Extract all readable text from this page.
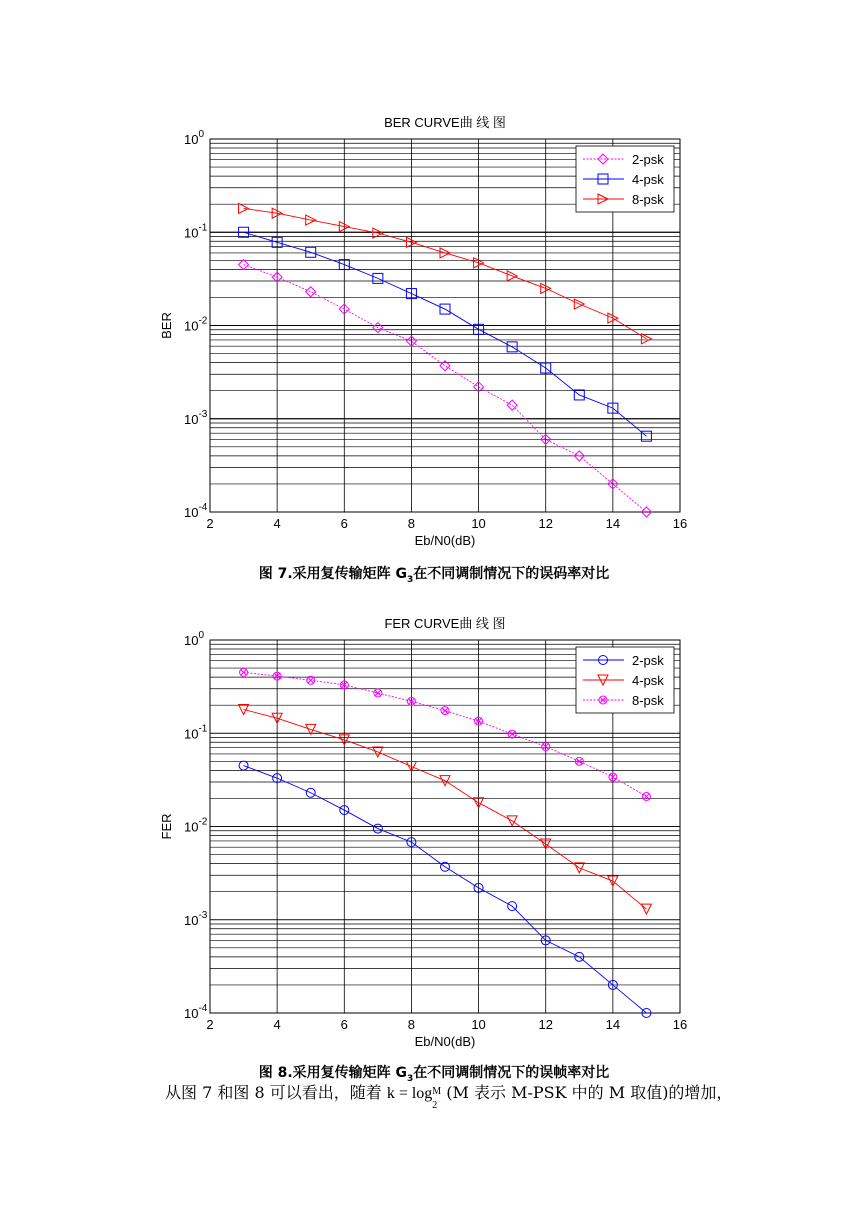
BER CURVE曲 线 图
2	4	6	8	10	12	14	16
$10^0$
$10^{-1}$
$10^{-2}$
$10^{-3}$
$10^{-4}$
Eb/N0(dB)
BER
2-psk
4-psk
8-psk
图 7.采用复传输矩阵 $G_3$在不同调制情况下的误码率对比
FER CURVE曲 线 图
2	4	6	8	10	12	14	16
$10^0$
$10^{-1}$
$10^{-2}$
$10^{-3}$
$10^{-4}$
Eb/N0(dB)
FER
2-psk
4-psk
8-psk
图 8.采用复传输矩阵 $G_3$在不同调制情况下的误帧率对比
从图 7 和图 8 可以看出，随着 k = log M
2
(M 表示 M-PSK 中的 M 取值)的增加，
